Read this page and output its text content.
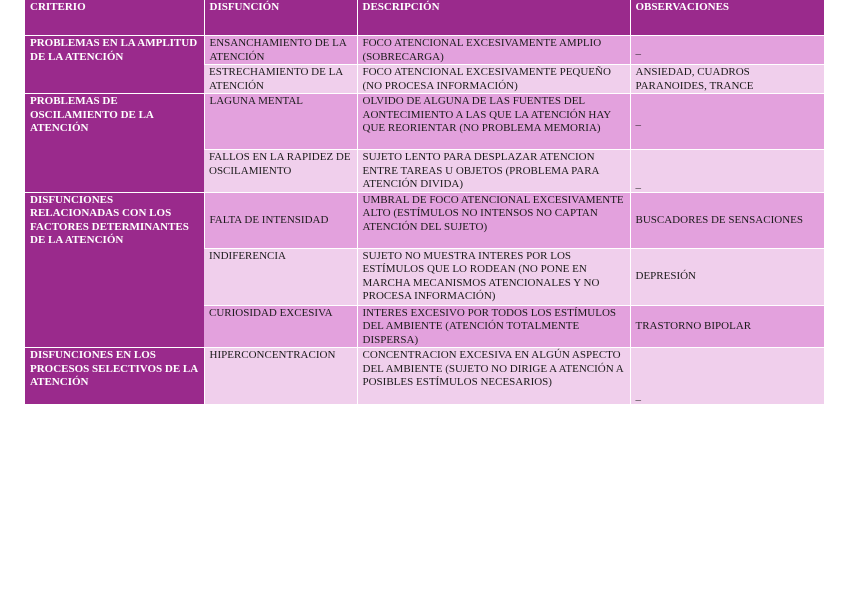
CRITERIO	DISFUNCIÓN	DESCRIPCIÓN	OBSERVACIONES
PROBLEMAS EN LA AMPLITUD DE LA ATENCIÓN	ENSANCHAMIENTO DE LA ATENCIÓN	FOCO ATENCIONAL EXCESIVAMENTE AMPLIO (SOBRECARGA)	_
	ESTRECHAMIENTO DE LA ATENCIÓN	FOCO ATENCIONAL EXCESIVAMENTE PEQUEÑO (NO PROCESA INFORMACIÓN)	ANSIEDAD, CUADROS PARANOIDES, TRANCE
PROBLEMAS DE OSCILAMIENTO DE LA ATENCIÓN	LAGUNA MENTAL	OLVIDO DE ALGUNA DE LAS FUENTES DEL AONTECIMIENTO A LAS QUE LA ATENCIÓN HAY QUE REORIENTAR (NO PROBLEMA MEMORIA)	_
	FALLOS EN LA RAPIDEZ DE OSCILAMIENTO	SUJETO LENTO PARA DESPLAZAR ATENCION ENTRE TAREAS U OBJETOS (PROBLEMA PARA ATENCIÓN DIVIDA)	_
DISFUNCIONES RELACIONADAS CON LOS FACTORES DETERMINANTES DE LA ATENCIÓN	FALTA DE INTENSIDAD	UMBRAL DE FOCO ATENCIONAL EXCESIVAMENTE ALTO (ESTÍMULOS NO INTENSOS NO CAPTAN ATENCIÓN DEL SUJETO)	BUSCADORES DE SENSACIONES
	INDIFERENCIA	SUJETO NO MUESTRA INTERES POR LOS ESTÍMULOS QUE LO RODEAN (NO PONE EN MARCHA MECANISMOS ATENCIONALES Y NO PROCESA INFORMACIÓN)	DEPRESIÓN
	CURIOSIDAD EXCESIVA	INTERES EXCESIVO POR TODOS LOS ESTÍMULOS DEL AMBIENTE (ATENCIÓN TOTALMENTE DISPERSA)	TRASTORNO BIPOLAR
DISFUNCIONES EN LOS PROCESOS SELECTIVOS DE LA ATENCIÓN	HIPERCONCENTRACION	CONCENTRACION EXCESIVA EN ALGÚN ASPECTO DEL AMBIENTE (SUJETO NO DIRIGE A ATENCIÓN A POSIBLES ESTÍMULOS NECESARIOS)	_
